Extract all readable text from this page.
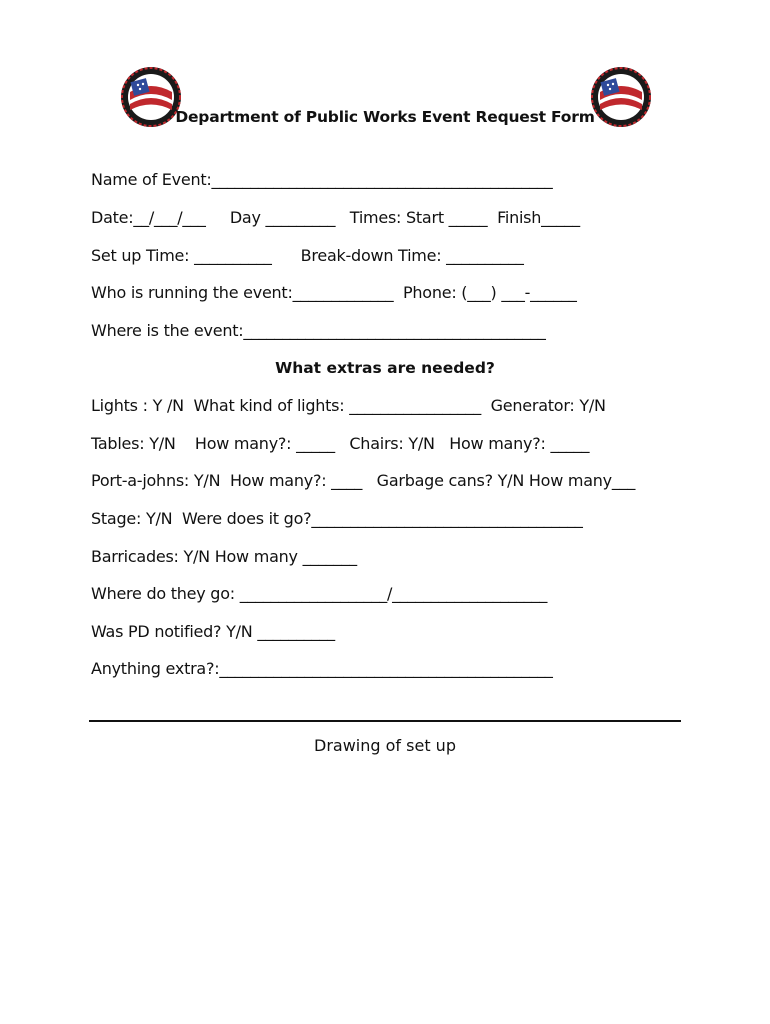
Department of Public Works Event Request Form
Name of Event:____________________________________________
Date:__/___/___     Day _________   Times: Start _____  Finish_____
Set up Time: __________      Break-down Time: __________
Who is running the event:_____________  Phone: (___) ___-______
Where is the event:_______________________________________
What extras are needed?
Lights : Y /N  What kind of lights: _________________  Generator: Y/N
Tables: Y/N    How many?: _____   Chairs: Y/N   How many?: _____
Port-a-johns: Y/N  How many?: ____   Garbage cans? Y/N How many___
Stage: Y/N  Were does it go?___________________________________
Barricades: Y/N How many _______
Where do they go: ___________________/____________________
Was PD notified? Y/N __________
Anything extra?:___________________________________________
Drawing of set up
